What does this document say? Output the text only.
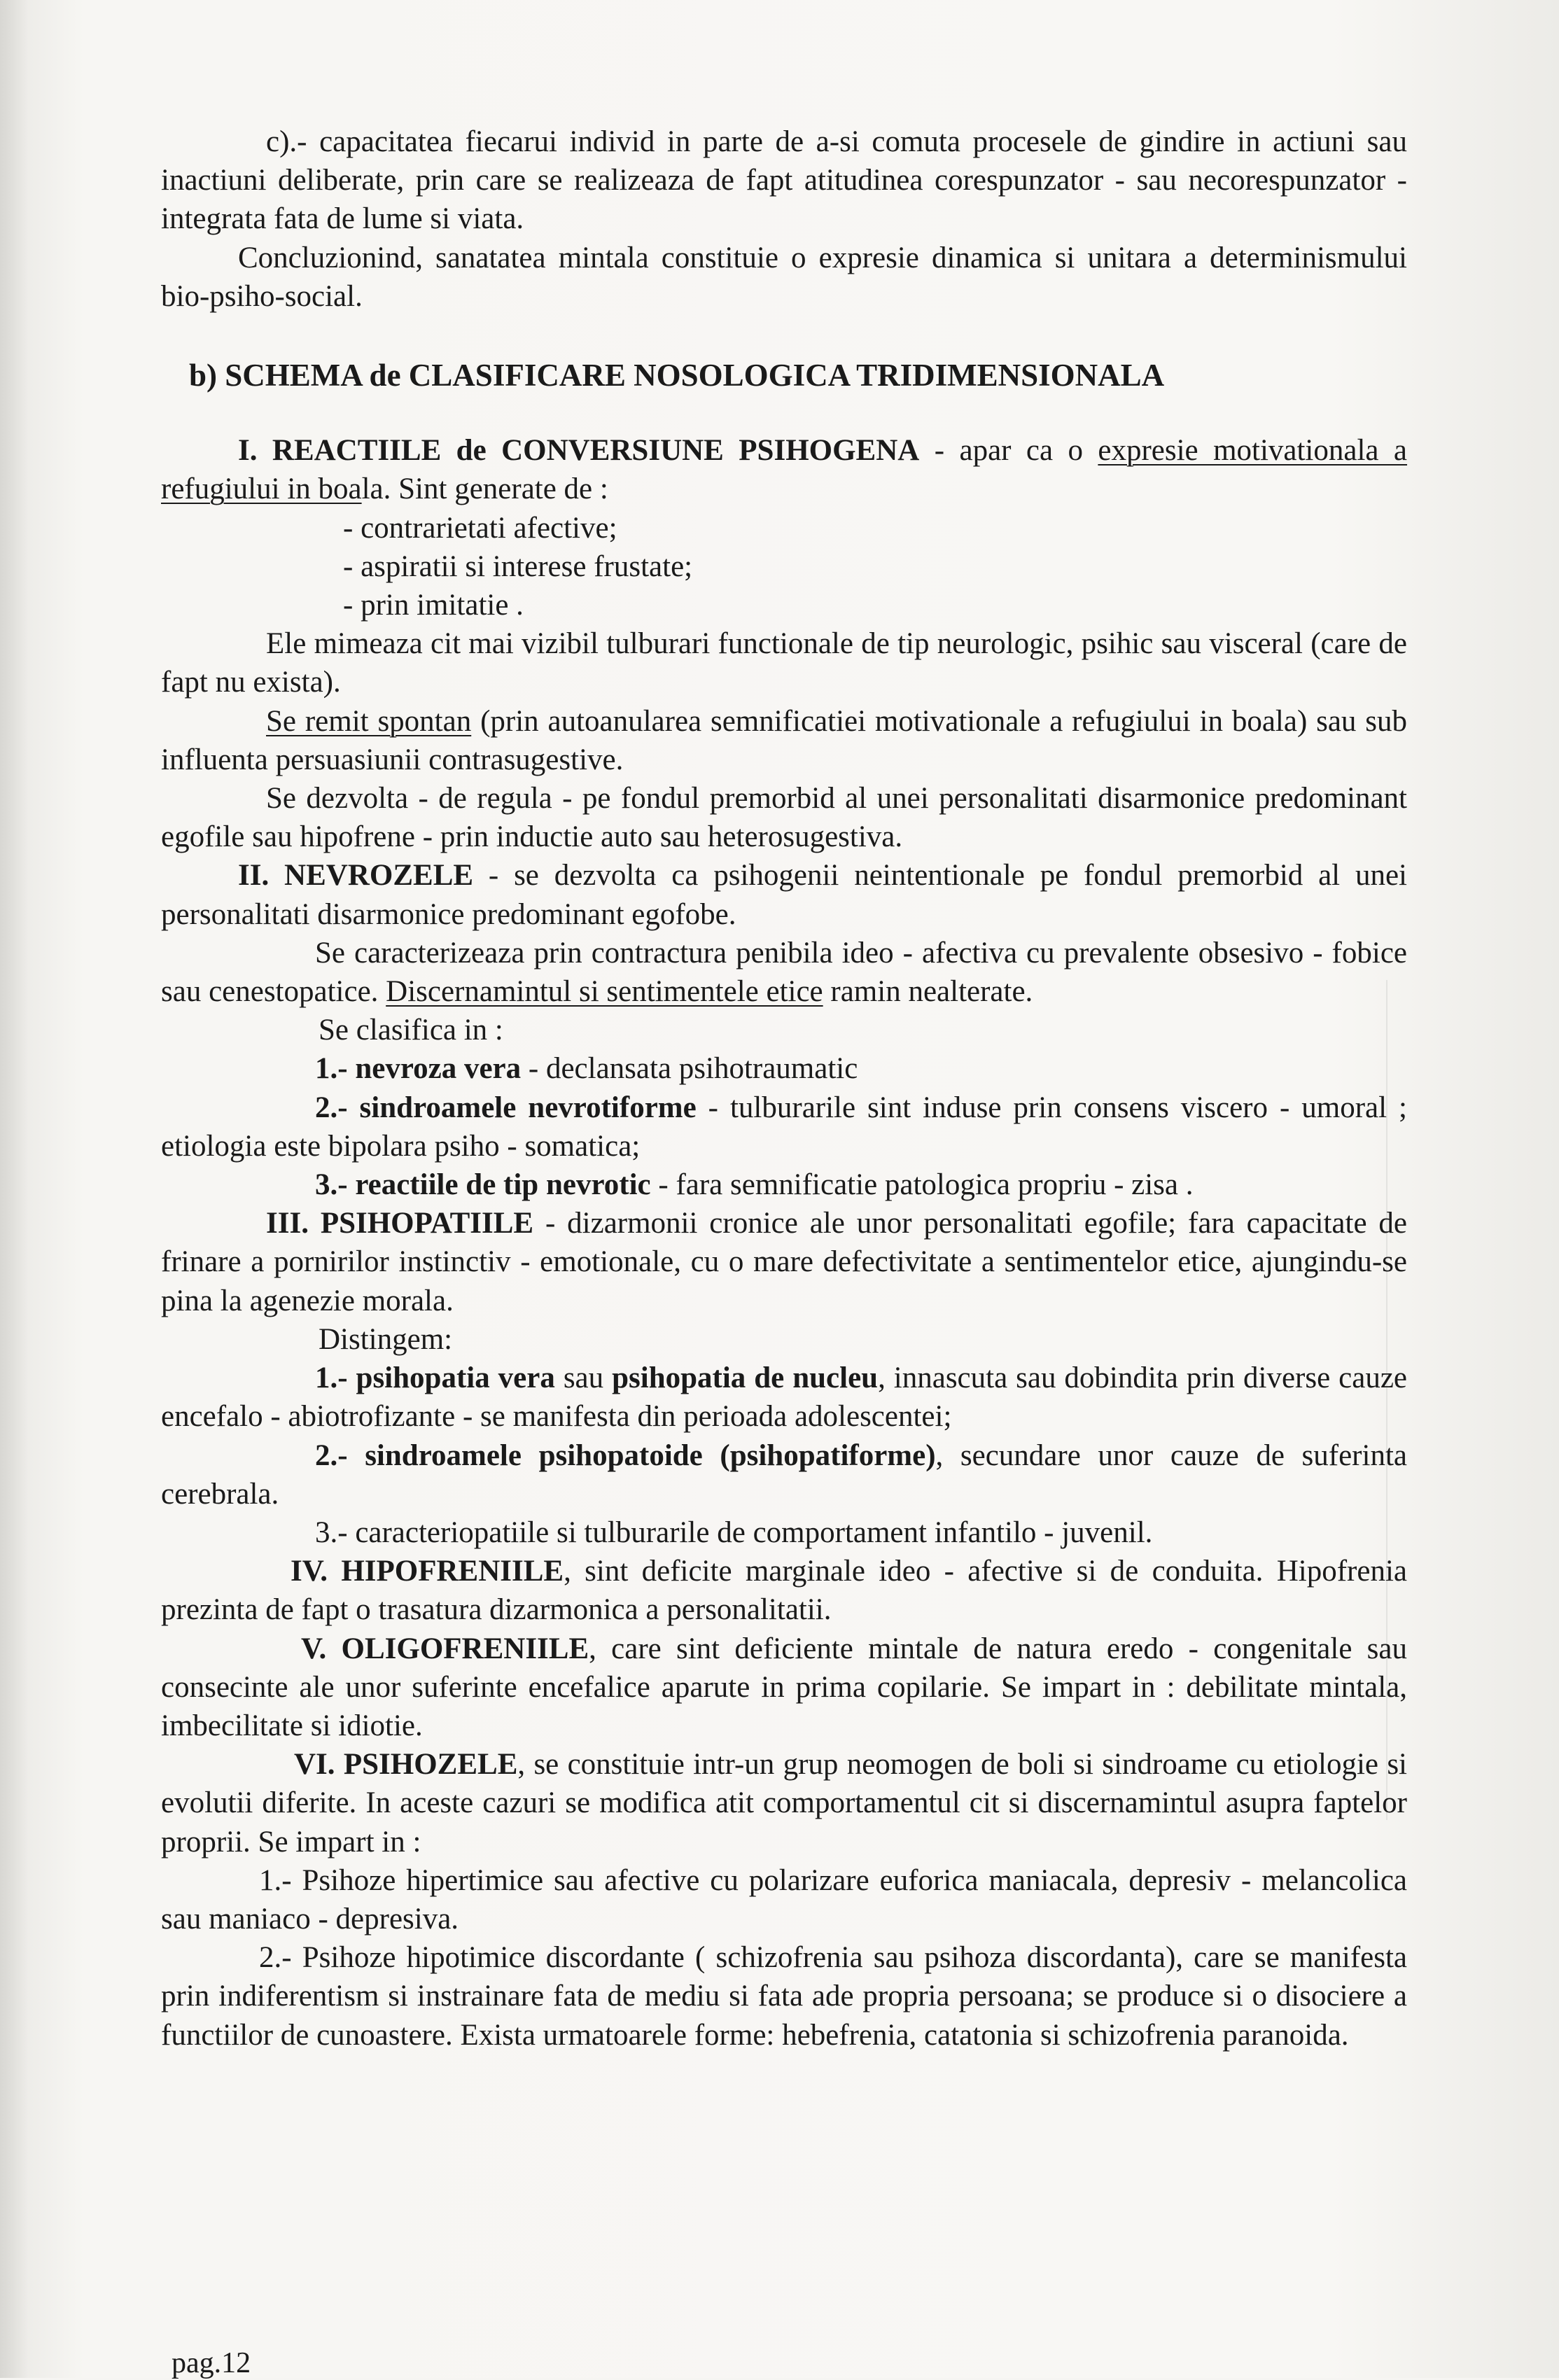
c).- capacitatea fiecarui individ in parte de a-si comuta procesele de gindire in actiuni sau inactiuni deliberate, prin care se realizeaza de fapt atitudinea corespunzator - sau necorespunzator - integrata fata de lume si viata.

Concluzionind, sanatatea mintala constituie o expresie dinamica si unitara a determinismului bio-psiho-social.

b) SCHEMA de CLASIFICARE NOSOLOGICA TRIDIMENSIONALA

I. REACTIILE de CONVERSIUNE PSIHOGENA - apar ca o expresie motivationala a refugiului in boala. Sint generate de :

- contrarietati afective;

- aspiratii si interese frustate;

- prin imitatie .

Ele mimeaza cit mai vizibil tulburari functionale de tip neurologic, psihic sau visceral (care de fapt nu exista).

Se remit spontan (prin autoanularea semnificatiei motivationale a refugiului in boala) sau sub influenta persuasiunii contrasugestive.

Se dezvolta - de regula - pe fondul premorbid al unei personalitati disarmonice predominant egofile sau hipofrene - prin inductie auto sau heterosugestiva.

II. NEVROZELE - se dezvolta ca psihogenii neintentionale pe fondul premorbid al unei personalitati disarmonice predominant egofobe.

Se caracterizeaza prin contractura penibila ideo - afectiva cu prevalente obsesivo - fobice sau cenestopatice. Discernamintul si sentimentele etice ramin nealterate.

Se clasifica in :

1.- nevroza vera - declansata psihotraumatic

2.- sindroamele nevrotiforme - tulburarile sint induse prin consens viscero - umoral ; etiologia este bipolara psiho - somatica;

3.- reactiile de tip nevrotic - fara semnificatie patologica propriu - zisa .

III. PSIHOPATIILE - dizarmonii cronice ale unor personalitati egofile; fara capacitate de frinare a pornirilor instinctiv - emotionale, cu o mare defectivitate a sentimentelor etice, ajungindu-se pina la agenezie morala.

Distingem:

1.- psihopatia vera sau psihopatia de nucleu, innascuta sau dobindita prin diverse cauze encefalo - abiotrofizante - se manifesta din perioada adolescentei;

2.- sindroamele psihopatoide (psihopatiforme), secundare unor cauze de suferinta cerebrala.

3.- caracteriopatiile si tulburarile de comportament infantilo - juvenil.

IV. HIPOFRENIILE, sint deficite marginale ideo - afective si de conduita. Hipofrenia prezinta de fapt o trasatura dizarmonica a personalitatii.

V. OLIGOFRENIILE, care sint deficiente mintale de natura eredo - congenitale sau consecinte ale unor suferinte encefalice aparute in prima copilarie. Se impart in : debilitate mintala, imbecilitate si idiotie.

VI. PSIHOZELE, se constituie intr-un grup neomogen de boli si sindroame cu etiologie si evolutii diferite. In aceste cazuri se modifica atit comportamentul cit si discernamintul asupra faptelor proprii. Se impart in :

1.- Psihoze hipertimice sau afective cu polarizare euforica maniacala, depresiv - melancolica sau maniaco - depresiva.

2.- Psihoze hipotimice discordante ( schizofrenia sau psihoza discordanta), care se manifesta prin indiferentism si instrainare fata de mediu si fata ade propria persoana; se produce si o disociere a functiilor de cunoastere. Exista urmatoarele forme: hebefrenia, catatonia si schizofrenia paranoida.

pag.12
